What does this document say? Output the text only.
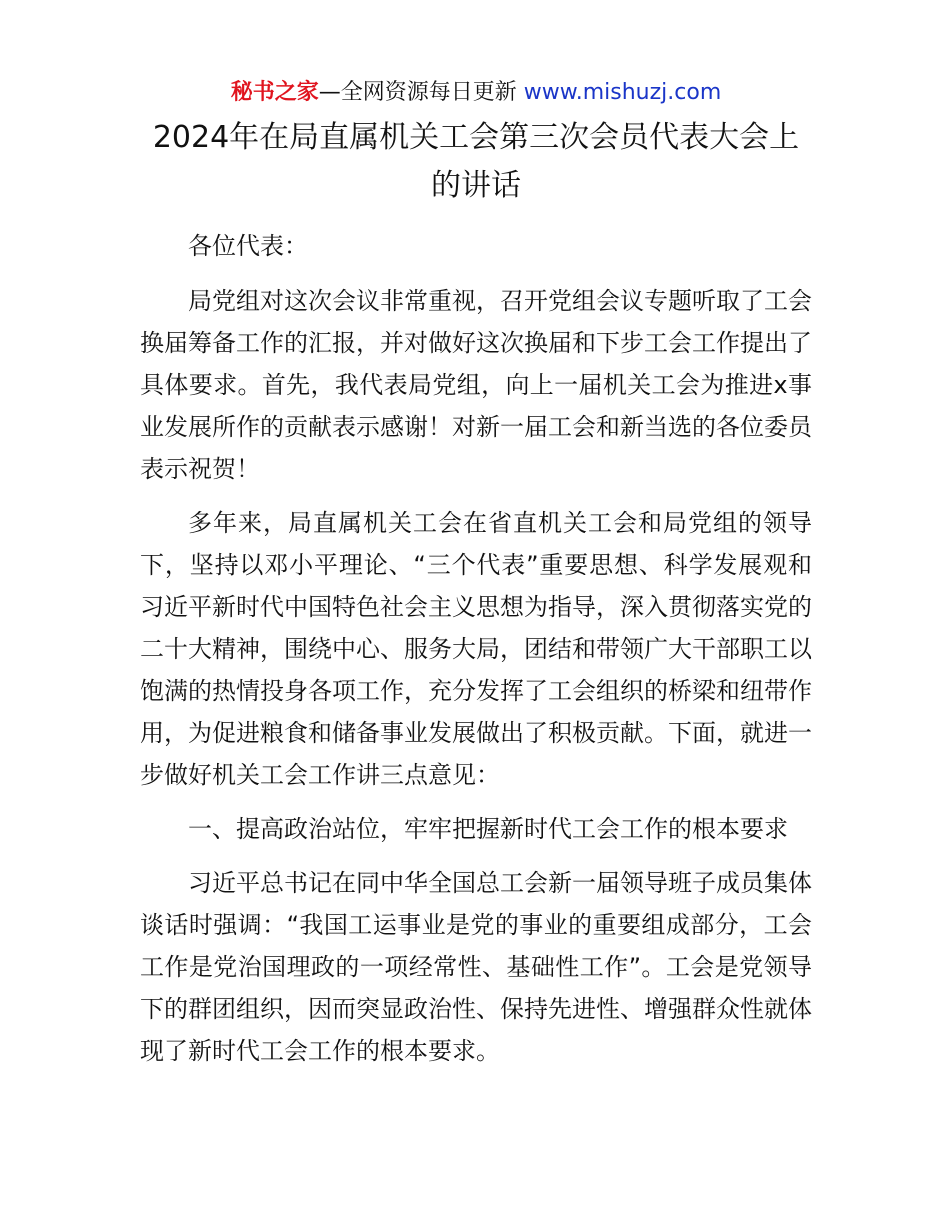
秘书之家—全网资源每日更新 www.mishuzj.com
2024年在局直属机关工会第三次会员代表大会上的讲话

各位代表：

局党组对这次会议非常重视，召开党组会议专题听取了工会换届筹备工作的汇报，并对做好这次换届和下步工会工作提出了具体要求。首先，我代表局党组，向上一届机关工会为推进x事业发展所作的贡献表示感谢！对新一届工会和新当选的各位委员表示祝贺！

多年来，局直属机关工会在省直机关工会和局党组的领导下，坚持以邓小平理论、“三个代表”重要思想、科学发展观和习近平新时代中国特色社会主义思想为指导，深入贯彻落实党的二十大精神，围绕中心、服务大局，团结和带领广大干部职工以饱满的热情投身各项工作，充分发挥了工会组织的桥梁和纽带作用，为促进粮食和储备事业发展做出了积极贡献。下面，就进一步做好机关工会工作讲三点意见：

一、提高政治站位，牢牢把握新时代工会工作的根本要求

习近平总书记在同中华全国总工会新一届领导班子成员集体谈话时强调：“我国工运事业是党的事业的重要组成部分，工会工作是党治国理政的一项经常性、基础性工作”。工会是党领导下的群团组织，因而突显政治性、保持先进性、增强群众性就体现了新时代工会工作的根本要求。
